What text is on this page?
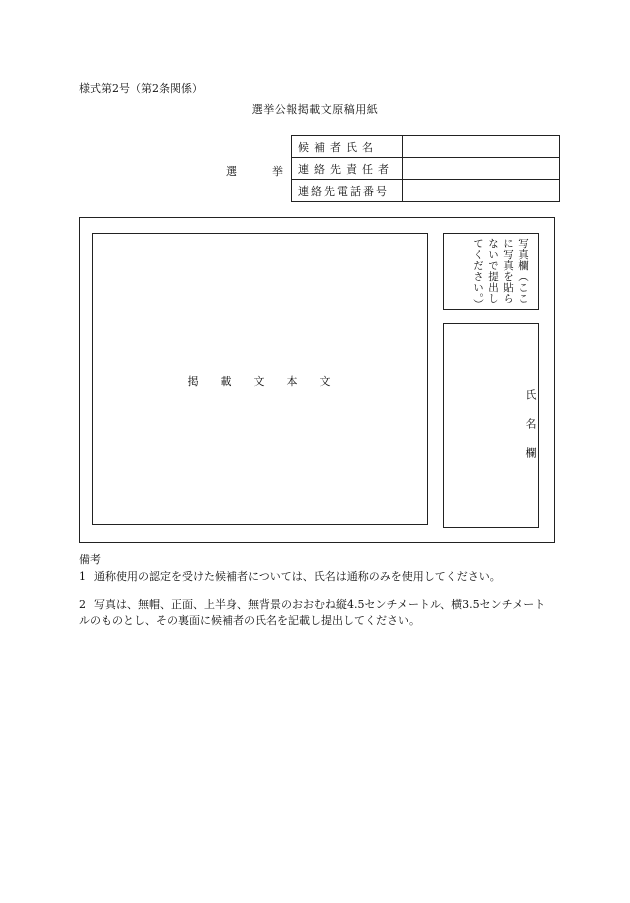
様式第2号（第2条関係）
選挙公報掲載文原稿用紙
選　挙
候補者氏名	
連絡先責任者	
連絡先電話番号	
掲載文本文
写真欄（ここに写真を貼らないで提出してください。）
氏名欄
備考
1 通称使用の認定を受けた候補者については、氏名は通称のみを使用してください。
2 写真は、無帽、正面、上半身、無背景のおおむね縦4.5センチメートル、横3.5センチメートルのものとし、その裏面に候補者の氏名を記載し提出してください。
